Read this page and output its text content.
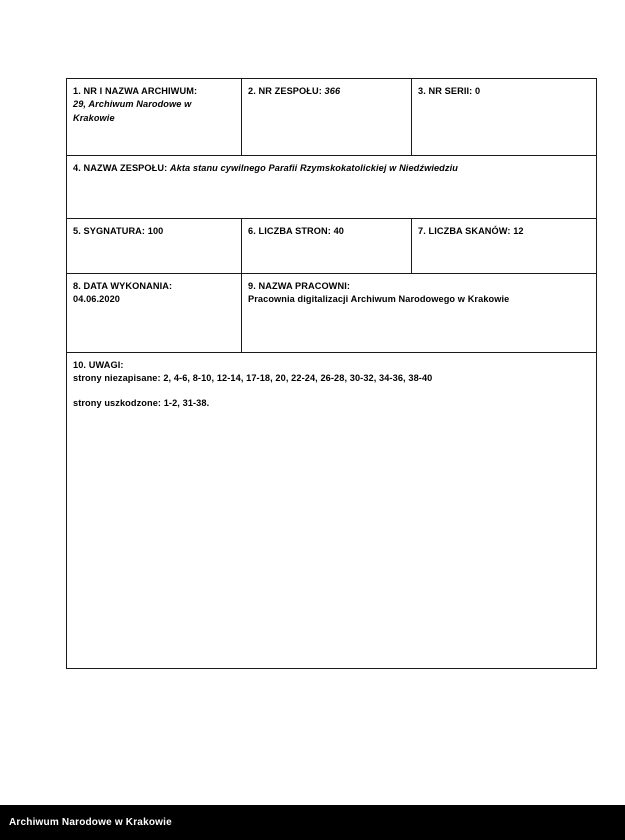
1. NR I NAZWA ARCHIWUM:
29, Archiwum Narodowe w
Krakowie	2. NR ZESPOŁU: 366	3. NR SERII: 0
4. NAZWA ZESPOŁU: Akta stanu cywilnego Parafii Rzymskokatolickiej w Niedźwiedziu		
5. SYGNATURA: 100	6. LICZBA STRON: 40	7. LICZBA SKANÓW: 12

8. DATA WYKONANIA:
04.06.2020	9. NAZWA PRACOWNI:
Pracownia digitalizacji Archiwum Narodowego w Krakowie	

10. UWAGI:
strony niezapisane: 2, 4-6, 8-10, 12-14, 17-18, 20, 22-24, 26-28, 30-32, 34-36, 38-40
strony uszkodzone: 1-2, 31-38.		
Archiwum Narodowe w Krakowie
